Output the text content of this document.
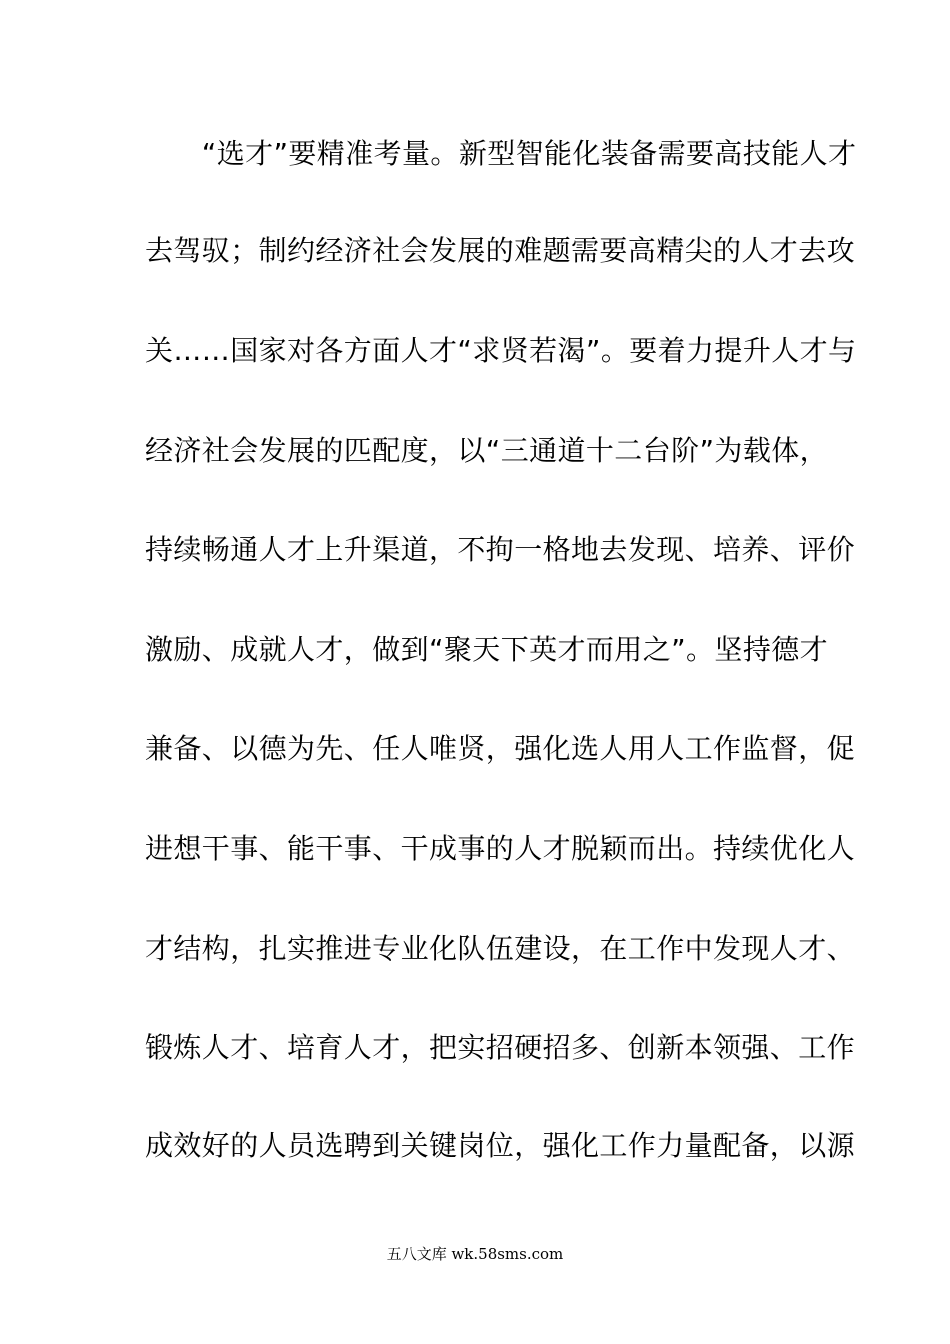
　　“选才”要精准考量。新型智能化装备需要高技能人才
去驾驭；制约经济社会发展的难题需要高精尖的人才去攻
关……国家对各方面人才“求贤若渴”。要着力提升人才与
经济社会发展的匹配度，以“三通道十二台阶”为载体，
持续畅通人才上升渠道，不拘一格地去发现、培养、评价
激励、成就人才，做到“聚天下英才而用之”。坚持德才
兼备、以德为先、任人唯贤，强化选人用人工作监督，促
进想干事、能干事、干成事的人才脱颖而出。持续优化人
才结构，扎实推进专业化队伍建设，在工作中发现人才、
锻炼人才、培育人才，把实招硬招多、创新本领强、工作
成效好的人员选聘到关键岗位，强化工作力量配备，以源
五八文库 wk.58sms.com
